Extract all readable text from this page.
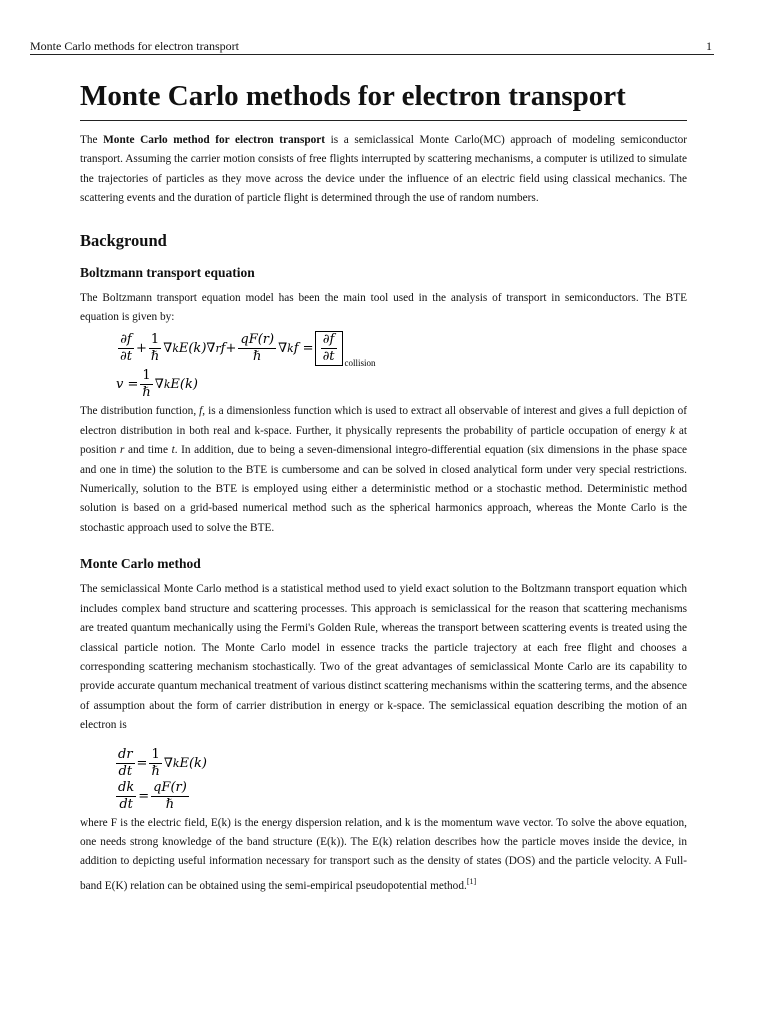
Monte Carlo methods for electron transport	1
Monte Carlo methods for electron transport

The Monte Carlo method for electron transport is a semiclassical Monte Carlo(MC) approach of modeling semiconductor transport. Assuming the carrier motion consists of free flights interrupted by scattering mechanisms, a computer is utilized to simulate the trajectories of particles as they move across the device under the influence of an electric field using classical mechanics. The scattering events and the duration of particle flight is determined through the use of random numbers.

Background
Boltzmann transport equation

The Boltzmann transport equation model has been the main tool used in the analysis of transport in semiconductors. The BTE equation is given by:

$\frac{\partial f}{\partial t} + \frac{1}{\text{ℏ}}$ ∇ k E(k) ∇ r $f + \frac{qF(r)}{\text{ℏ}}$ ∇ k $f = \frac{\partial f}{\partial t}$ collision
$v = \frac{1}{\text{ℏ}}$ ∇ k E(k)

The distribution function, f, is a dimensionless function which is used to extract all observable of interest and gives a full depiction of electron distribution in both real and k-space. Further, it physically represents the probability of particle occupation of energy k at position r and time t. In addition, due to being a seven-dimensional integro-differential equation (six dimensions in the phase space and one in time) the solution to the BTE is cumbersome and can be solved in closed analytical form under very special restrictions. Numerically, solution to the BTE is employed using either a deterministic method or a stochastic method. Deterministic method solution is based on a grid-based numerical method such as the spherical harmonics approach, whereas the Monte Carlo is the stochastic approach used to solve the BTE.

Monte Carlo method

The semiclassical Monte Carlo method is a statistical method used to yield exact solution to the Boltzmann transport equation which includes complex band structure and scattering processes. This approach is semiclassical for the reason that scattering mechanisms are treated quantum mechanically using the Fermi's Golden Rule, whereas the transport between scattering events is treated using the classical particle notion. The Monte Carlo model in essence tracks the particle trajectory at each free flight and chooses a corresponding scattering mechanism stochastically. Two of the great advantages of semiclassical Monte Carlo are its capability to provide accurate quantum mechanical treatment of various distinct scattering mechanisms within the scattering terms, and the absence of assumption about the form of carrier distribution in energy or k-space. The semiclassical equation describing the motion of an electron is

$\frac{dr}{dt} = \frac{1}{\text{ℏ}}$ ∇ k E(k)
$\frac{dk}{dt} = \frac{qF(r)}{\text{ℏ}}$

where F is the electric field, E(k) is the energy dispersion relation, and k is the momentum wave vector. To solve the above equation, one needs strong knowledge of the band structure (E(k)). The E(k) relation describes how the particle moves inside the device, in addition to depicting useful information necessary for transport such as the density of states (DOS) and the particle velocity. A Full-band E(K) relation can be obtained using the semi-empirical pseudopotential method.[1]
